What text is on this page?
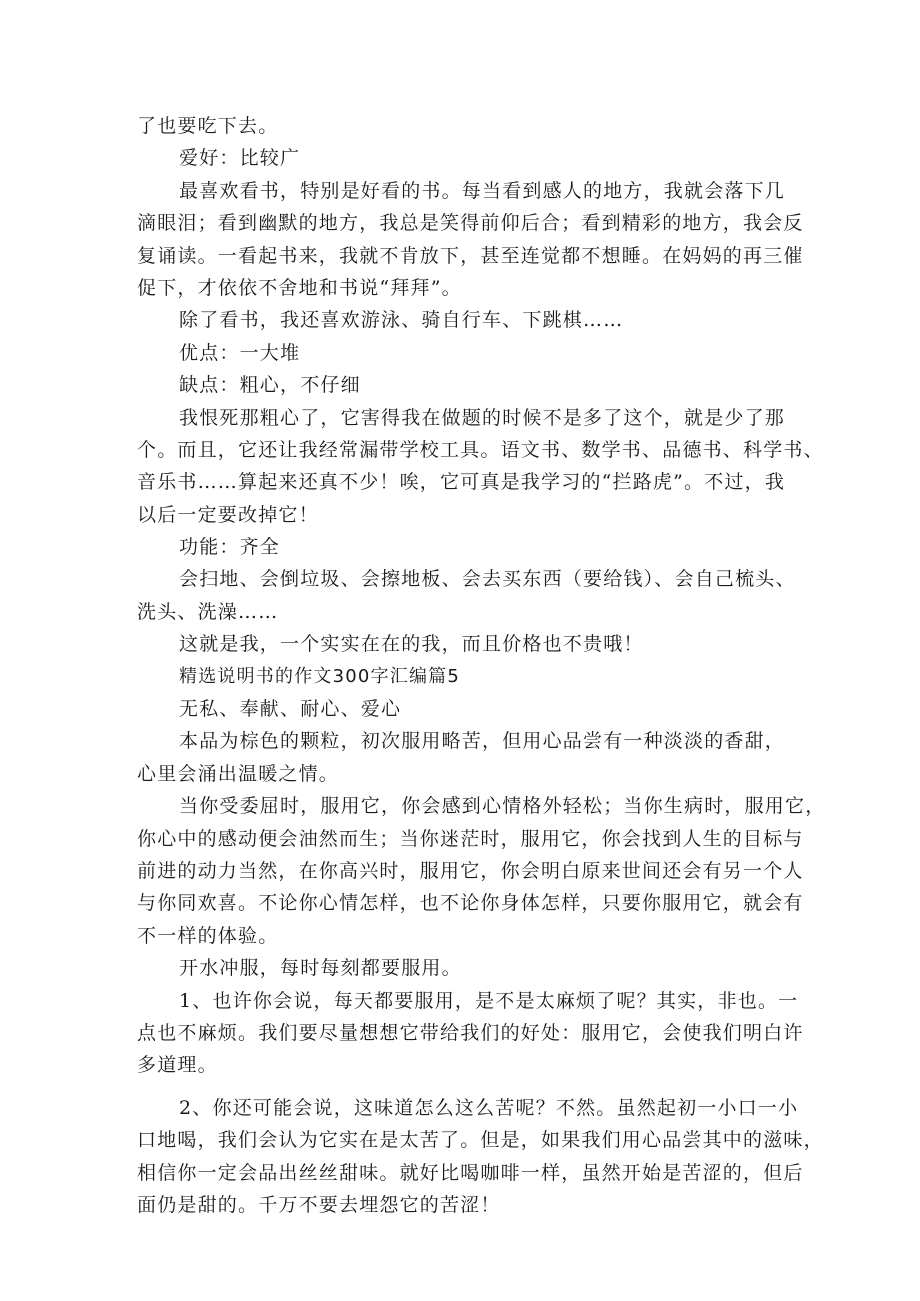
了也要吃下去。
爱好：比较广
最喜欢看书，特别是好看的书。每当看到感人的地方，我就会落下几
滴眼泪；看到幽默的地方，我总是笑得前仰后合；看到精彩的地方，我会反
复诵读。一看起书来，我就不肯放下，甚至连觉都不想睡。在妈妈的再三催
促下，才依依不舍地和书说“拜拜”。
除了看书，我还喜欢游泳、骑自行车、下跳棋……
优点：一大堆
缺点：粗心，不仔细
我恨死那粗心了，它害得我在做题的时候不是多了这个，就是少了那
个。而且，它还让我经常漏带学校工具。语文书、数学书、品德书、科学书、
音乐书……算起来还真不少！唉，它可真是我学习的“拦路虎”。不过，我
以后一定要改掉它！
功能：齐全
会扫地、会倒垃圾、会擦地板、会去买东西（要给钱）、会自己梳头、
洗头、洗澡……
这就是我，一个实实在在的我，而且价格也不贵哦！
精选说明书的作文300字汇编篇5
无私、奉献、耐心、爱心
本品为棕色的颗粒，初次服用略苦，但用心品尝有一种淡淡的香甜，
心里会涌出温暖之情。
当你受委屈时，服用它，你会感到心情格外轻松；当你生病时，服用它，
你心中的感动便会油然而生；当你迷茫时，服用它，你会找到人生的目标与
前进的动力当然，在你高兴时，服用它，你会明白原来世间还会有另一个人
与你同欢喜。不论你心情怎样，也不论你身体怎样，只要你服用它，就会有
不一样的体验。
开水冲服，每时每刻都要服用。
1、也许你会说，每天都要服用，是不是太麻烦了呢？其实，非也。一
点也不麻烦。我们要尽量想想它带给我们的好处：服用它，会使我们明白许
多道理。
2、你还可能会说，这味道怎么这么苦呢？不然。虽然起初一小口一小
口地喝，我们会认为它实在是太苦了。但是，如果我们用心品尝其中的滋味，
相信你一定会品出丝丝甜味。就好比喝咖啡一样，虽然开始是苦涩的，但后
面仍是甜的。千万不要去埋怨它的苦涩！
